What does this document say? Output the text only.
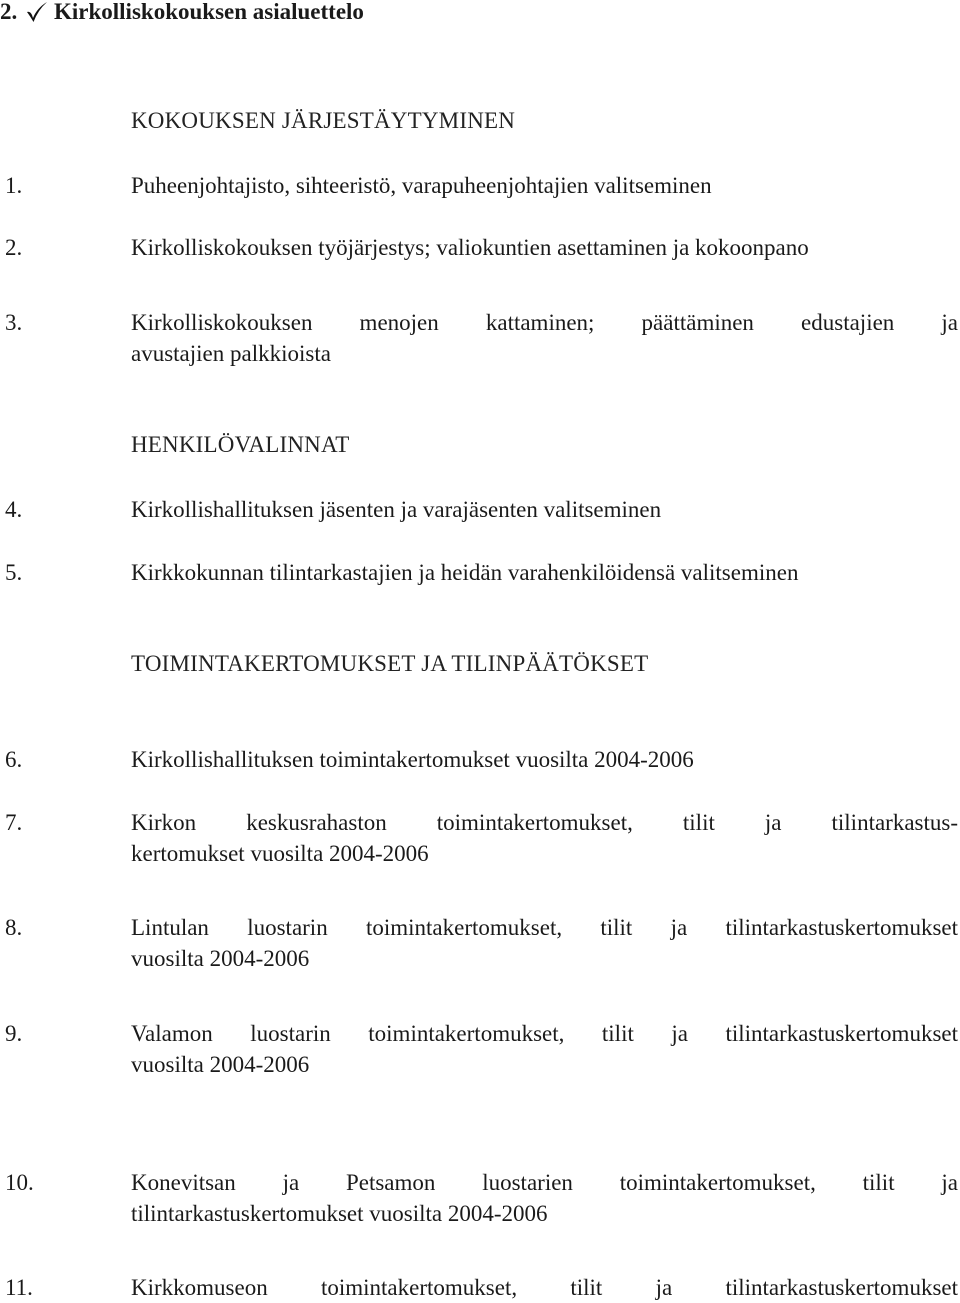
2. Kirkolliskokouksen asialuettelo
KOKOUKSEN JÄRJESTÄYTYMINEN
1.	Puheenjohtajisto, sihteeristö, varapuheenjohtajien valitseminen
2.	Kirkolliskokouksen työjärjestys; valiokuntien asettaminen ja kokoonpano
3.	Kirkolliskokouksen menojen kattaminen; päättäminen edustajien ja
avustajien palkkioista
HENKILÖVALINNAT
4.	Kirkollishallituksen jäsenten ja varajäsenten valitseminen
5.	Kirkkokunnan tilintarkastajien ja heidän varahenkilöidensä valitseminen
TOIMINTAKERTOMUKSET JA TILINPÄÄTÖKSET
6.	Kirkollishallituksen toimintakertomukset vuosilta 2004-2006
7.	Kirkon keskusrahaston toimintakertomukset, tilit ja tilintarkastus-
kertomukset vuosilta 2004-2006
8.	Lintulan luostarin toimintakertomukset, tilit ja tilintarkastuskertomukset
vuosilta 2004-2006
9.	Valamon luostarin toimintakertomukset, tilit ja tilintarkastuskertomukset
vuosilta 2004-2006
10.	Konevitsan ja Petsamon luostarien toimintakertomukset, tilit ja
tilintarkastuskertomukset vuosilta 2004-2006
11.	Kirkkomuseon toimintakertomukset, tilit ja tilintarkastuskertomukset
